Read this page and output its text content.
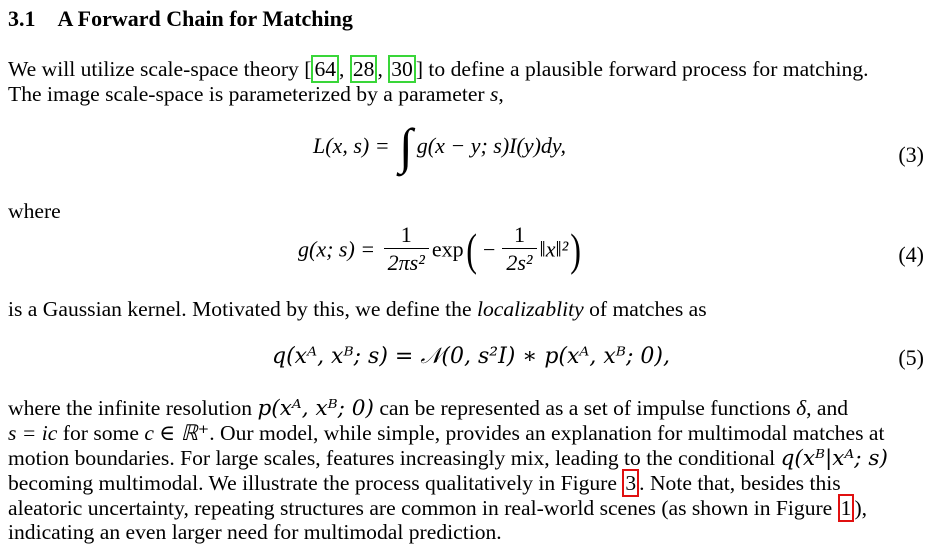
3.1 A Forward Chain for Matching
We will utilize scale-space theory [ 64 , 28 , 30 ] to define a plausible forward process for matching.
The image scale-space is parameterized by a parameter s,
L(x, s) = ∫ g(x − y; s)I(y)dy,	(3)
where
g(x; $s) = \frac{1}{\text{2πs²}} \exp( - \frac{1}{\text{2s²}}$ ‖x‖²)	(4)
is a Gaussian kernel. Motivated by this, we define the localizablity of matches as
q(xᴬ, xᴮ; s) = 𝒩(0, s²I) ∗ p(xᴬ, xᴮ; 0),	(5)
where the infinite resolution p(xᴬ, xᴮ; 0) can be represented as a set of impulse functions δ, and
s = ic for some c ∈ ℝ⁺. Our model, while simple, provides an explanation for multimodal matches at
motion boundaries. For large scales, features increasingly mix, leading to the conditional q(xᴮ|xᴬ; s)
becoming multimodal. We illustrate the process qualitatively in Figure 3 . Note that, besides this
aleatoric uncertainty, repeating structures are common in real-world scenes (as shown in Figure 1 ),
indicating an even larger need for multimodal prediction.
